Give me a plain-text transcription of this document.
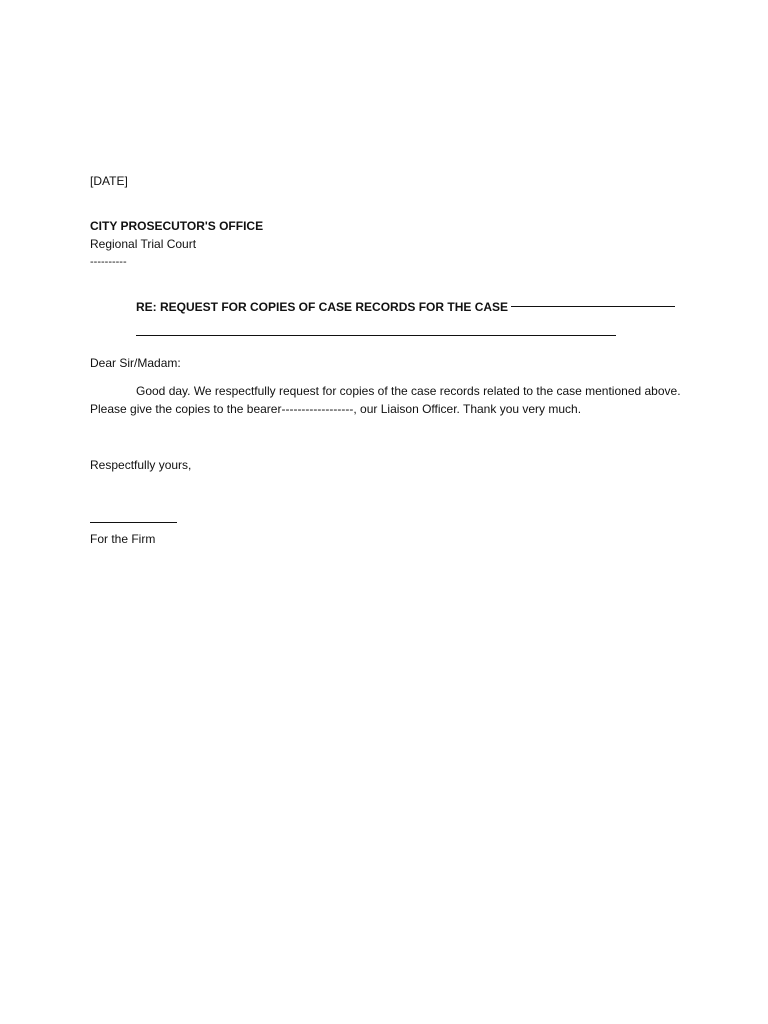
[DATE]
CITY PROSECUTOR'S OFFICE
Regional Trial Court
----------
RE: REQUEST FOR COPIES OF CASE RECORDS FOR THE CASE
Dear Sir/Madam:
Good day. We respectfully request for copies of the case records related to the case mentioned above.
Please give the copies to the bearer------------------, our Liaison Officer. Thank you very much.
Respectfully yours,
For the Firm
